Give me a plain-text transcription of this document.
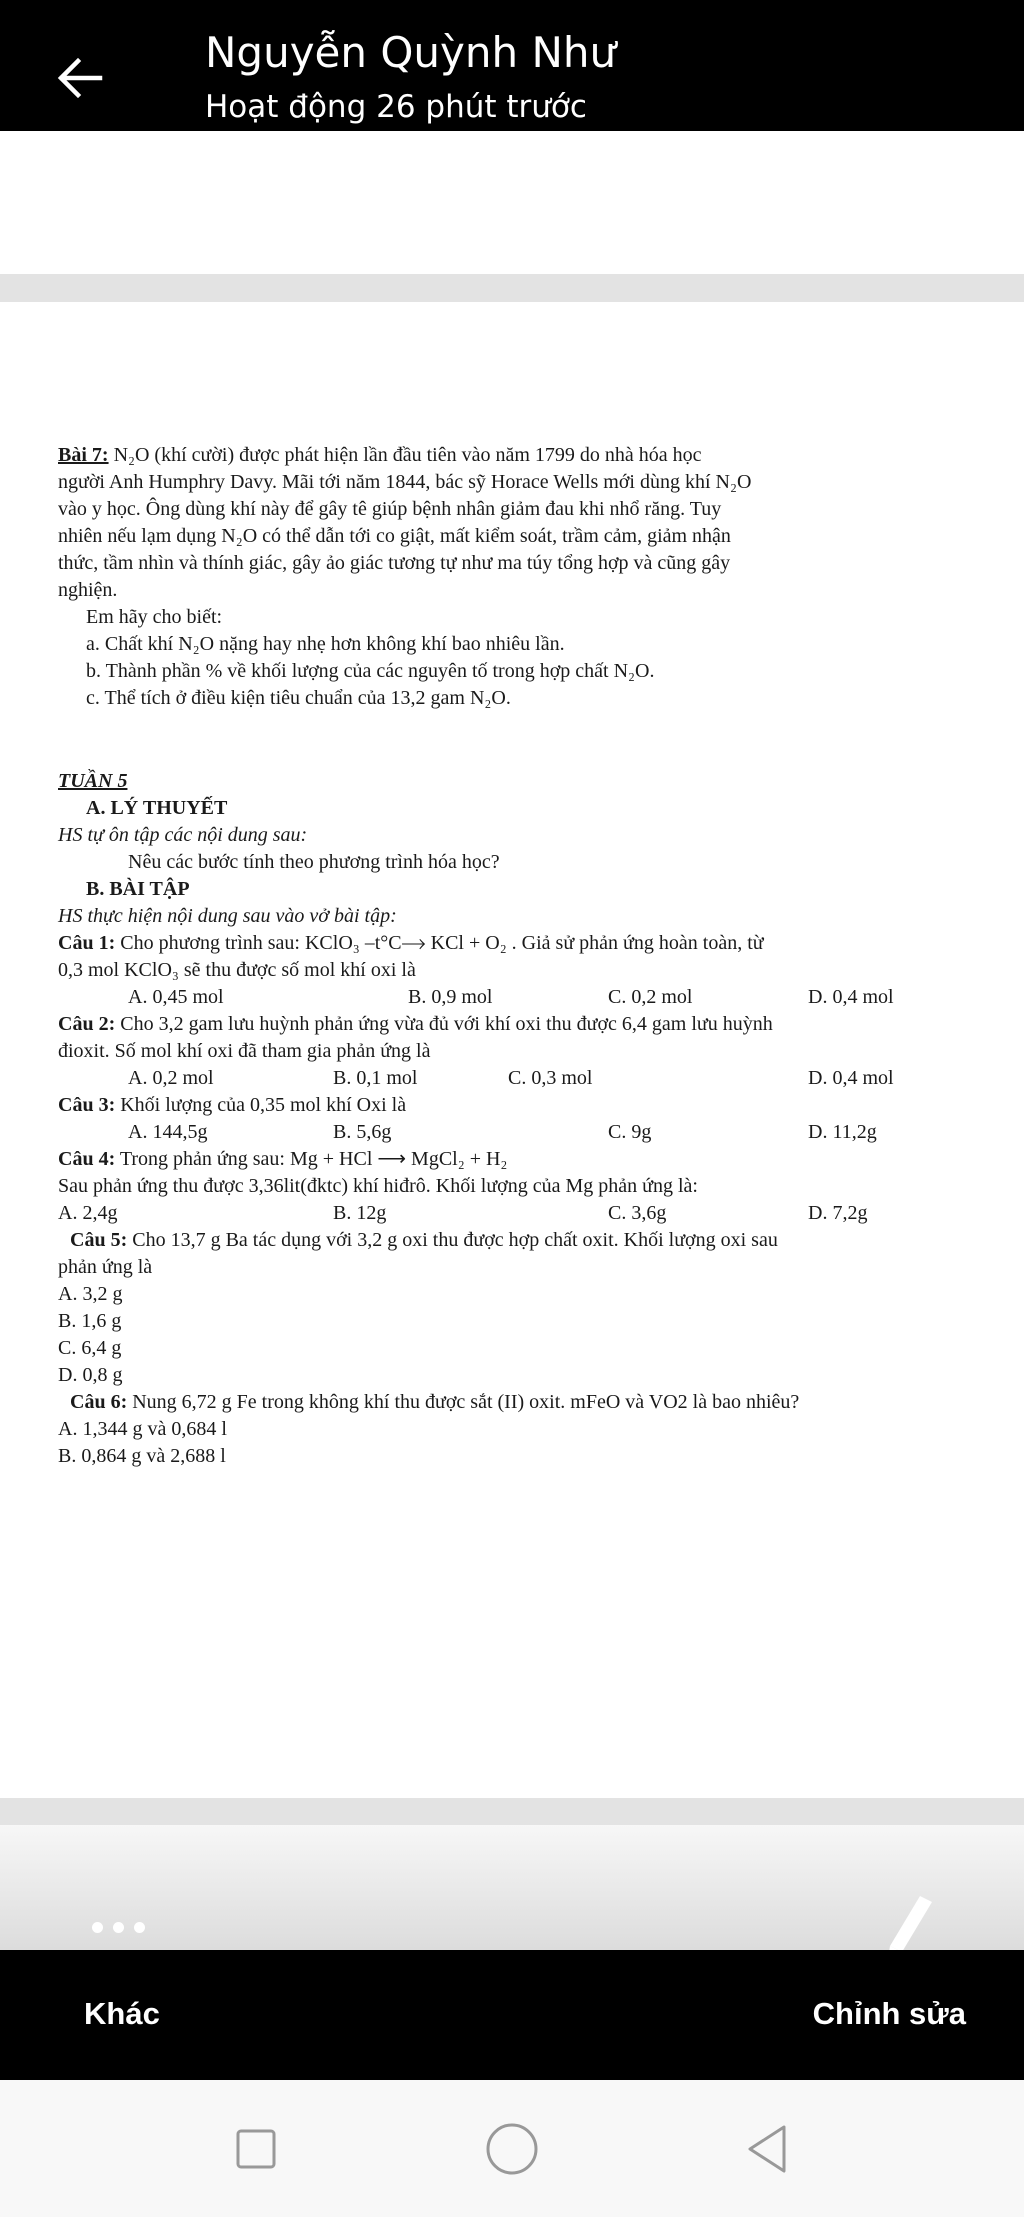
Nguyễn Quỳnh Như
Hoạt động 26 phút trước
Bài 7: N₂O (khí cười) được phát hiện lần đầu tiên vào năm 1799 do nhà hóa học
người Anh Humphry Davy. Mãi tới năm 1844, bác sỹ Horace Wells mới dùng khí N₂O
vào y học. Ông dùng khí này để gây tê giúp bệnh nhân giảm đau khi nhổ răng. Tuy
nhiên nếu lạm dụng N₂O có thể dẫn tới co giật, mất kiểm soát, trầm cảm, giảm nhận
thức, tầm nhìn và thính giác, gây ảo giác tương tự như ma túy tổng hợp và cũng gây
nghiện.
Em hãy cho biết:
a. Chất khí N₂O nặng hay nhẹ hơn không khí bao nhiêu lần.
b. Thành phần % về khối lượng của các nguyên tố trong hợp chất N₂O.
c. Thể tích ở điều kiện tiêu chuẩn của 13,2 gam N₂O.
TUẦN 5
A. LÝ THUYẾT
HS tự ôn tập các nội dung sau:
Nêu các bước tính theo phương trình hóa học?
B. BÀI TẬP
HS thực hiện nội dung sau vào vở bài tập:
Câu 1: Cho phương trình sau: KClO₃ ⎯t°C⟶ KCl + O₂ . Giả sử phản ứng hoàn toàn, từ
0,3 mol KClO₃ sẽ thu được số mol khí oxi là
A. 0,45 mol	B. 0,9 mol	C. 0,2 mol	D. 0,4 mol
Câu 2: Cho 3,2 gam lưu huỳnh phản ứng vừa đủ với khí oxi thu được 6,4 gam lưu huỳnh
đioxit. Số mol khí oxi đã tham gia phản ứng là
A. 0,2 mol	B. 0,1 mol	C. 0,3 mol	D. 0,4 mol
Câu 3: Khối lượng của 0,35 mol khí Oxi là
A. 144,5g	B. 5,6g	C. 9g	D. 11,2g
Câu 4: Trong phản ứng sau: Mg + HCl ⟶ MgCl₂ + H₂
Sau phản ứng thu được 3,36lit(đktc) khí hiđrô. Khối lượng của Mg phản ứng là:
A. 2,4g	B. 12g	C. 3,6g	D. 7,2g
Câu 5: Cho 13,7 g Ba tác dụng với 3,2 g oxi thu được hợp chất oxit. Khối lượng oxi sau
phản ứng là
A. 3,2 g
B. 1,6 g
C. 6,4 g
D. 0,8 g
Câu 6: Nung 6,72 g Fe trong không khí thu được sắt (II) oxit. mFeO và VO2 là bao nhiêu?
A. 1,344 g và 0,684 l
B. 0,864 g và 2,688 l
Khác	Chỉnh sửa
